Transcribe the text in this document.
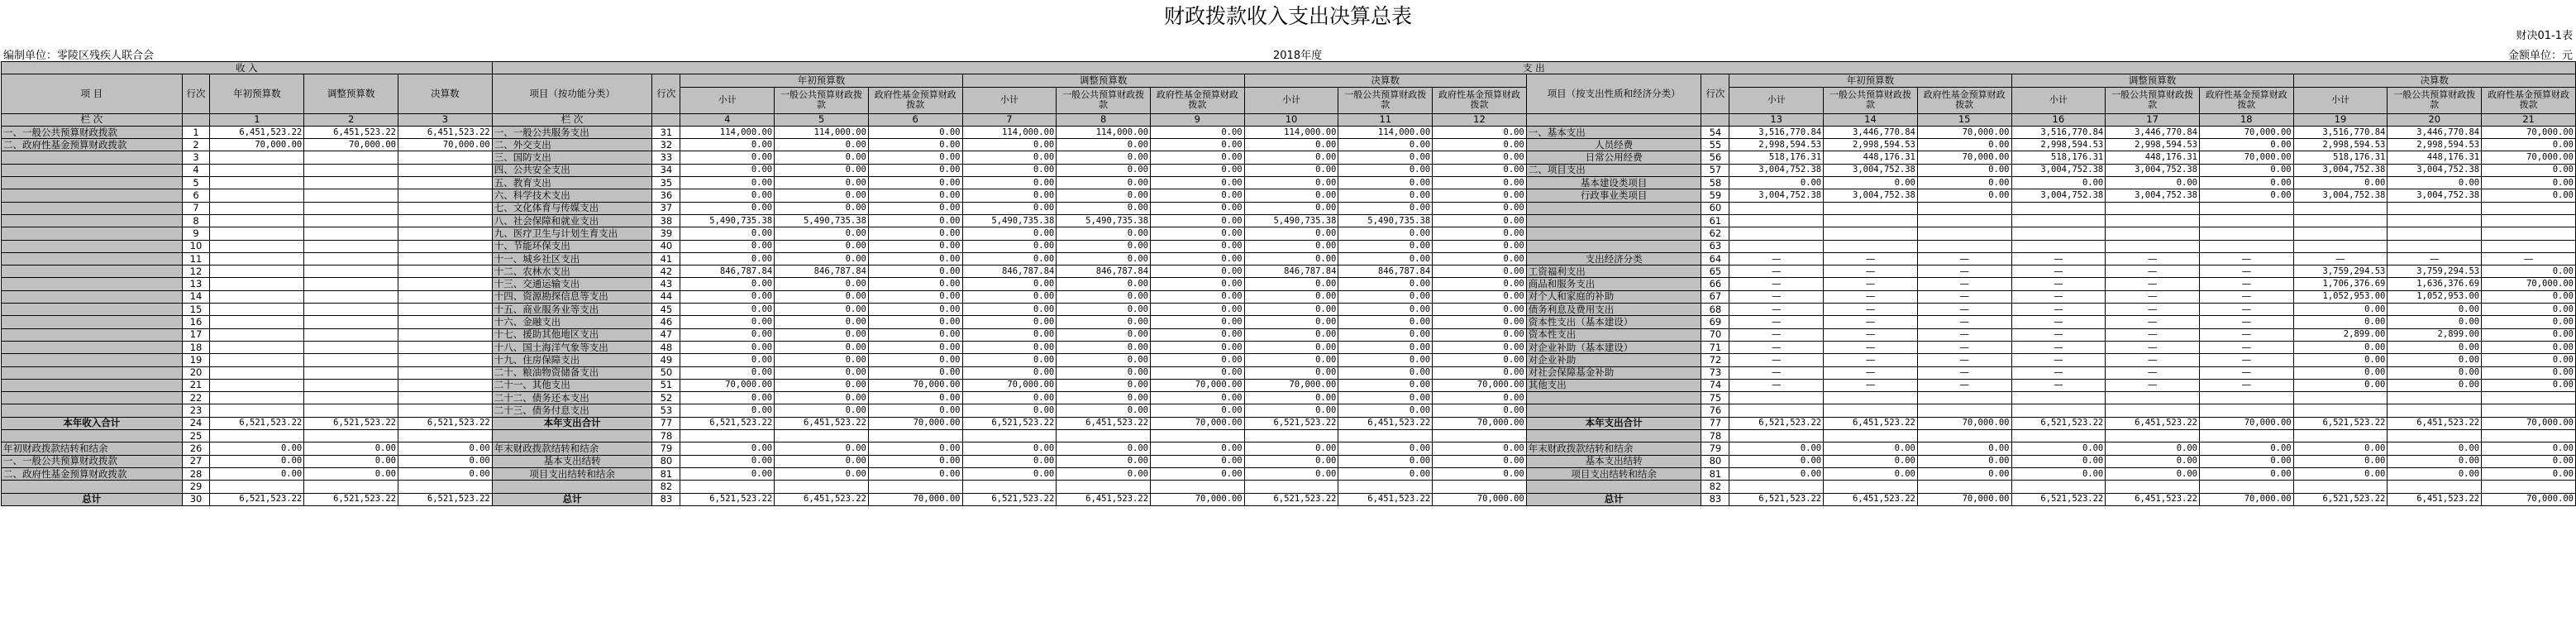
财政拨款收入支出决算总表
财决01-1表
编制单位：零陵区残疾人联合会	2018年度	金额单位：元
收 入					支 出																					
项 目	行次	年初预算数	调整预算数	决算数	项目（按功能分类）	行次	年初预算数			调整预算数			决算数			项目（按支出性质和经济分类）	行次	年初预算数			调整预算数			决算数		
							小计	一般公共预算财政拨款	政府性基金预算财政拨款	小计	一般公共预算财政拨款	政府性基金预算财政拨款	小计	一般公共预算财政拨款	政府性基金预算财政拨款			小计	一般公共预算财政拨款	政府性基金预算财政拨款	小计	一般公共预算财政拨款	政府性基金预算财政拨款	小计	一般公共预算财政拨款	政府性基金预算财政拨款
栏 次		1	2	3	栏 次		4	5	6	7	8	9	10	11	12			13	14	15	16	17	18	19	20	21
一、一般公共预算财政拨款	1	6,451,523.22	6,451,523.22	6,451,523.22	一、一般公共服务支出	31	114,000.00	114,000.00	0.00	114,000.00	114,000.00	0.00	114,000.00	114,000.00	0.00	一、基本支出	54	3,516,770.84	3,446,770.84	70,000.00	3,516,770.84	3,446,770.84	70,000.00	3,516,770.84	3,446,770.84	70,000.00
二、政府性基金预算财政拨款	2	70,000.00	70,000.00	70,000.00	二、外交支出	32	0.00	0.00	0.00	0.00	0.00	0.00	0.00	0.00	0.00	人员经费	55	2,998,594.53	2,998,594.53	0.00	2,998,594.53	2,998,594.53	0.00	2,998,594.53	2,998,594.53	0.00
	3				三、国防支出	33	0.00	0.00	0.00	0.00	0.00	0.00	0.00	0.00	0.00	日常公用经费	56	518,176.31	448,176.31	70,000.00	518,176.31	448,176.31	70,000.00	518,176.31	448,176.31	70,000.00
	4				四、公共安全支出	34	0.00	0.00	0.00	0.00	0.00	0.00	0.00	0.00	0.00	二、项目支出	57	3,004,752.38	3,004,752.38	0.00	3,004,752.38	3,004,752.38	0.00	3,004,752.38	3,004,752.38	0.00
	5				五、教育支出	35	0.00	0.00	0.00	0.00	0.00	0.00	0.00	0.00	0.00	基本建设类项目	58	0.00	0.00	0.00	0.00	0.00	0.00	0.00	0.00	0.00
	6				六、科学技术支出	36	0.00	0.00	0.00	0.00	0.00	0.00	0.00	0.00	0.00	行政事业类项目	59	3,004,752.38	3,004,752.38	0.00	3,004,752.38	3,004,752.38	0.00	3,004,752.38	3,004,752.38	0.00
	7				七、文化体育与传媒支出	37	0.00	0.00	0.00	0.00	0.00	0.00	0.00	0.00	0.00		60									
	8				八、社会保障和就业支出	38	5,490,735.38	5,490,735.38	0.00	5,490,735.38	5,490,735.38	0.00	5,490,735.38	5,490,735.38	0.00		61									
	9				九、医疗卫生与计划生育支出	39	0.00	0.00	0.00	0.00	0.00	0.00	0.00	0.00	0.00		62									
	10				十、节能环保支出	40	0.00	0.00	0.00	0.00	0.00	0.00	0.00	0.00	0.00		63									
	11				十一、城乡社区支出	41	0.00	0.00	0.00	0.00	0.00	0.00	0.00	0.00	0.00	支出经济分类	64	—	—	—	—	—	—	—	—	—
	12				十二、农林水支出	42	846,787.84	846,787.84	0.00	846,787.84	846,787.84	0.00	846,787.84	846,787.84	0.00	工资福利支出	65	—	—	—	—	—	—	3,759,294.53	3,759,294.53	0.00
	13				十三、交通运输支出	43	0.00	0.00	0.00	0.00	0.00	0.00	0.00	0.00	0.00	商品和服务支出	66	—	—	—	—	—	—	1,706,376.69	1,636,376.69	70,000.00
	14				十四、资源勘探信息等支出	44	0.00	0.00	0.00	0.00	0.00	0.00	0.00	0.00	0.00	对个人和家庭的补助	67	—	—	—	—	—	—	1,052,953.00	1,052,953.00	0.00
	15				十五、商业服务业等支出	45	0.00	0.00	0.00	0.00	0.00	0.00	0.00	0.00	0.00	债务利息及费用支出	68	—	—	—	—	—	—	0.00	0.00	0.00
	16				十六、金融支出	46	0.00	0.00	0.00	0.00	0.00	0.00	0.00	0.00	0.00	资本性支出（基本建设）	69	—	—	—	—	—	—	0.00	0.00	0.00
	17				十七、援助其他地区支出	47	0.00	0.00	0.00	0.00	0.00	0.00	0.00	0.00	0.00	资本性支出	70	—	—	—	—	—	—	2,899.00	2,899.00	0.00
	18				十八、国土海洋气象等支出	48	0.00	0.00	0.00	0.00	0.00	0.00	0.00	0.00	0.00	对企业补助（基本建设）	71	—	—	—	—	—	—	0.00	0.00	0.00
	19				十九、住房保障支出	49	0.00	0.00	0.00	0.00	0.00	0.00	0.00	0.00	0.00	对企业补助	72	—	—	—	—	—	—	0.00	0.00	0.00
	20				二十、粮油物资储备支出	50	0.00	0.00	0.00	0.00	0.00	0.00	0.00	0.00	0.00	对社会保障基金补助	73	—	—	—	—	—	—	0.00	0.00	0.00
	21				二十一、其他支出	51	70,000.00	0.00	70,000.00	70,000.00	0.00	70,000.00	70,000.00	0.00	70,000.00	其他支出	74	—	—	—	—	—	—	0.00	0.00	0.00
	22				二十二、债务还本支出	52	0.00	0.00	0.00	0.00	0.00	0.00	0.00	0.00	0.00		75									
	23				二十三、债务付息支出	53	0.00	0.00	0.00	0.00	0.00	0.00	0.00	0.00	0.00		76									
本年收入合计	24	6,521,523.22	6,521,523.22	6,521,523.22	本年支出合计	77	6,521,523.22	6,451,523.22	70,000.00	6,521,523.22	6,451,523.22	70,000.00	6,521,523.22	6,451,523.22	70,000.00	本年支出合计	77	6,521,523.22	6,451,523.22	70,000.00	6,521,523.22	6,451,523.22	70,000.00	6,521,523.22	6,451,523.22	70,000.00
	25					78											78									
年初财政拨款结转和结余	26	0.00	0.00	0.00	年末财政拨款结转和结余	79	0.00	0.00	0.00	0.00	0.00	0.00	0.00	0.00	0.00	年末财政拨款结转和结余	79	0.00	0.00	0.00	0.00	0.00	0.00	0.00	0.00	0.00
一、一般公共预算财政拨款	27	0.00	0.00	0.00	基本支出结转	80	0.00	0.00	0.00	0.00	0.00	0.00	0.00	0.00	0.00	基本支出结转	80	0.00	0.00	0.00	0.00	0.00	0.00	0.00	0.00	0.00
二、政府性基金预算财政拨款	28	0.00	0.00	0.00	项目支出结转和结余	81	0.00	0.00	0.00	0.00	0.00	0.00	0.00	0.00	0.00	项目支出结转和结余	81	0.00	0.00	0.00	0.00	0.00	0.00	0.00	0.00	0.00
	29					82											82									
总计	30	6,521,523.22	6,521,523.22	6,521,523.22	总计	83	6,521,523.22	6,451,523.22	70,000.00	6,521,523.22	6,451,523.22	70,000.00	6,521,523.22	6,451,523.22	70,000.00	总计	83	6,521,523.22	6,451,523.22	70,000.00	6,521,523.22	6,451,523.22	70,000.00	6,521,523.22	6,451,523.22	70,000.00
